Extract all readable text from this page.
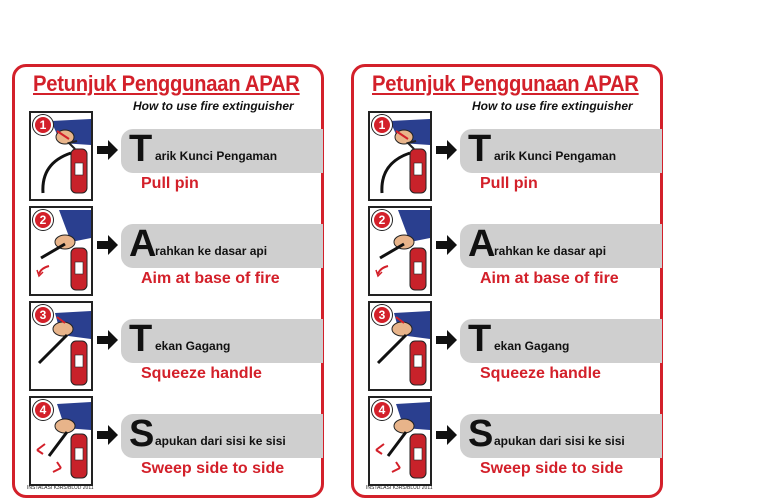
Petunjuk Penggunaan APAR
How to use fire extinguisher
1
T arik Kunci Pengaman
Pull pin
2
A
rahkan ke dasar api
Aim at base of fire
3
T ekan Gagang
Squeeze handle
4
S apukan dari sisi ke sisi
Sweep side to side
INSTALASI K3RS/BLUD 2011
Petunjuk Penggunaan APAR
How to use fire extinguisher
1
T arik Kunci Pengaman
Pull pin
2
A
rahkan ke dasar api
Aim at base of fire
3
T ekan Gagang
Squeeze handle
4
S apukan dari sisi ke sisi
Sweep side to side
INSTALASI K3RS/BLUD 2011
